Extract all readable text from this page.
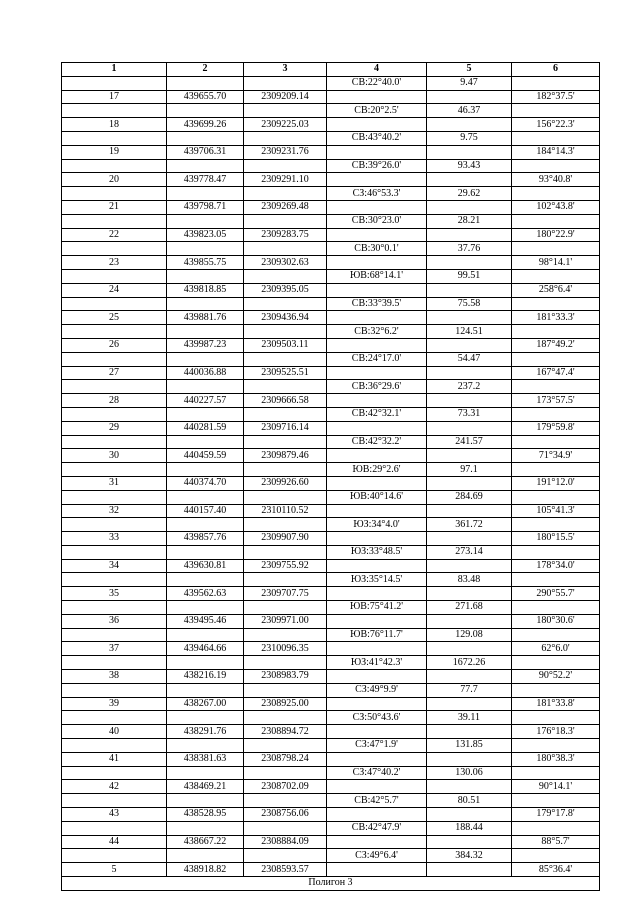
1	2	3	4	5	6
			СВ:22°40.0'	9.47	
17	439655.70	2309209.14			182°37.5'
			СВ:20°2.5'	46.37	
18	439699.26	2309225.03			156°22.3'
			СВ:43°40.2'	9.75	
19	439706.31	2309231.76			184°14.3'
			СВ:39°26.0'	93.43	
20	439778.47	2309291.10			93°40.8'
			СЗ:46°53.3'	29.62	
21	439798.71	2309269.48			102°43.8'
			СВ:30°23.0'	28.21	
22	439823.05	2309283.75			180°22.9'
			СВ:30°0.1'	37.76	
23	439855.75	2309302.63			98°14.1'
			ЮВ:68°14.1'	99.51	
24	439818.85	2309395.05			258°6.4'
			СВ:33°39.5'	75.58	
25	439881.76	2309436.94			181°33.3'
			СВ:32°6.2'	124.51	
26	439987.23	2309503.11			187°49.2'
			СВ:24°17.0'	54.47	
27	440036.88	2309525.51			167°47.4'
			СВ:36°29.6'	237.2	
28	440227.57	2309666.58			173°57.5'
			СВ:42°32.1'	73.31	
29	440281.59	2309716.14			179°59.8'
			СВ:42°32.2'	241.57	
30	440459.59	2309879.46			71°34.9'
			ЮВ:29°2.6'	97.1	
31	440374.70	2309926.60			191°12.0'
			ЮВ:40°14.6'	284.69	
32	440157.40	2310110.52			105°41.3'
			ЮЗ:34°4.0'	361.72	
33	439857.76	2309907.90			180°15.5'
			ЮЗ:33°48.5'	273.14	
34	439630.81	2309755.92			178°34.0'
			ЮЗ:35°14.5'	83.48	
35	439562.63	2309707.75			290°55.7'
			ЮВ:75°41.2'	271.68	
36	439495.46	2309971.00			180°30.6'
			ЮВ:76°11.7'	129.08	
37	439464.66	2310096.35			62°6.0'
			ЮЗ:41°42.3'	1672.26	
38	438216.19	2308983.79			90°52.2'
			СЗ:49°9.9'	77.7	
39	438267.00	2308925.00			181°33.8'
			СЗ:50°43.6'	39.11	
40	438291.76	2308894.72			176°18.3'
			СЗ:47°1.9'	131.85	
41	438381.63	2308798.24			180°38.3'
			СЗ:47°40.2'	130.06	
42	438469.21	2308702.09			90°14.1'
			СВ:42°5.7'	80.51	
43	438528.95	2308756.06			179°17.8'
			СВ:42°47.9'	188.44	
44	438667.22	2308884.09			88°5.7'
			СЗ:49°6.4'	384.32	
5	438918.82	2308593.57			85°36.4'
Полигон 3					
